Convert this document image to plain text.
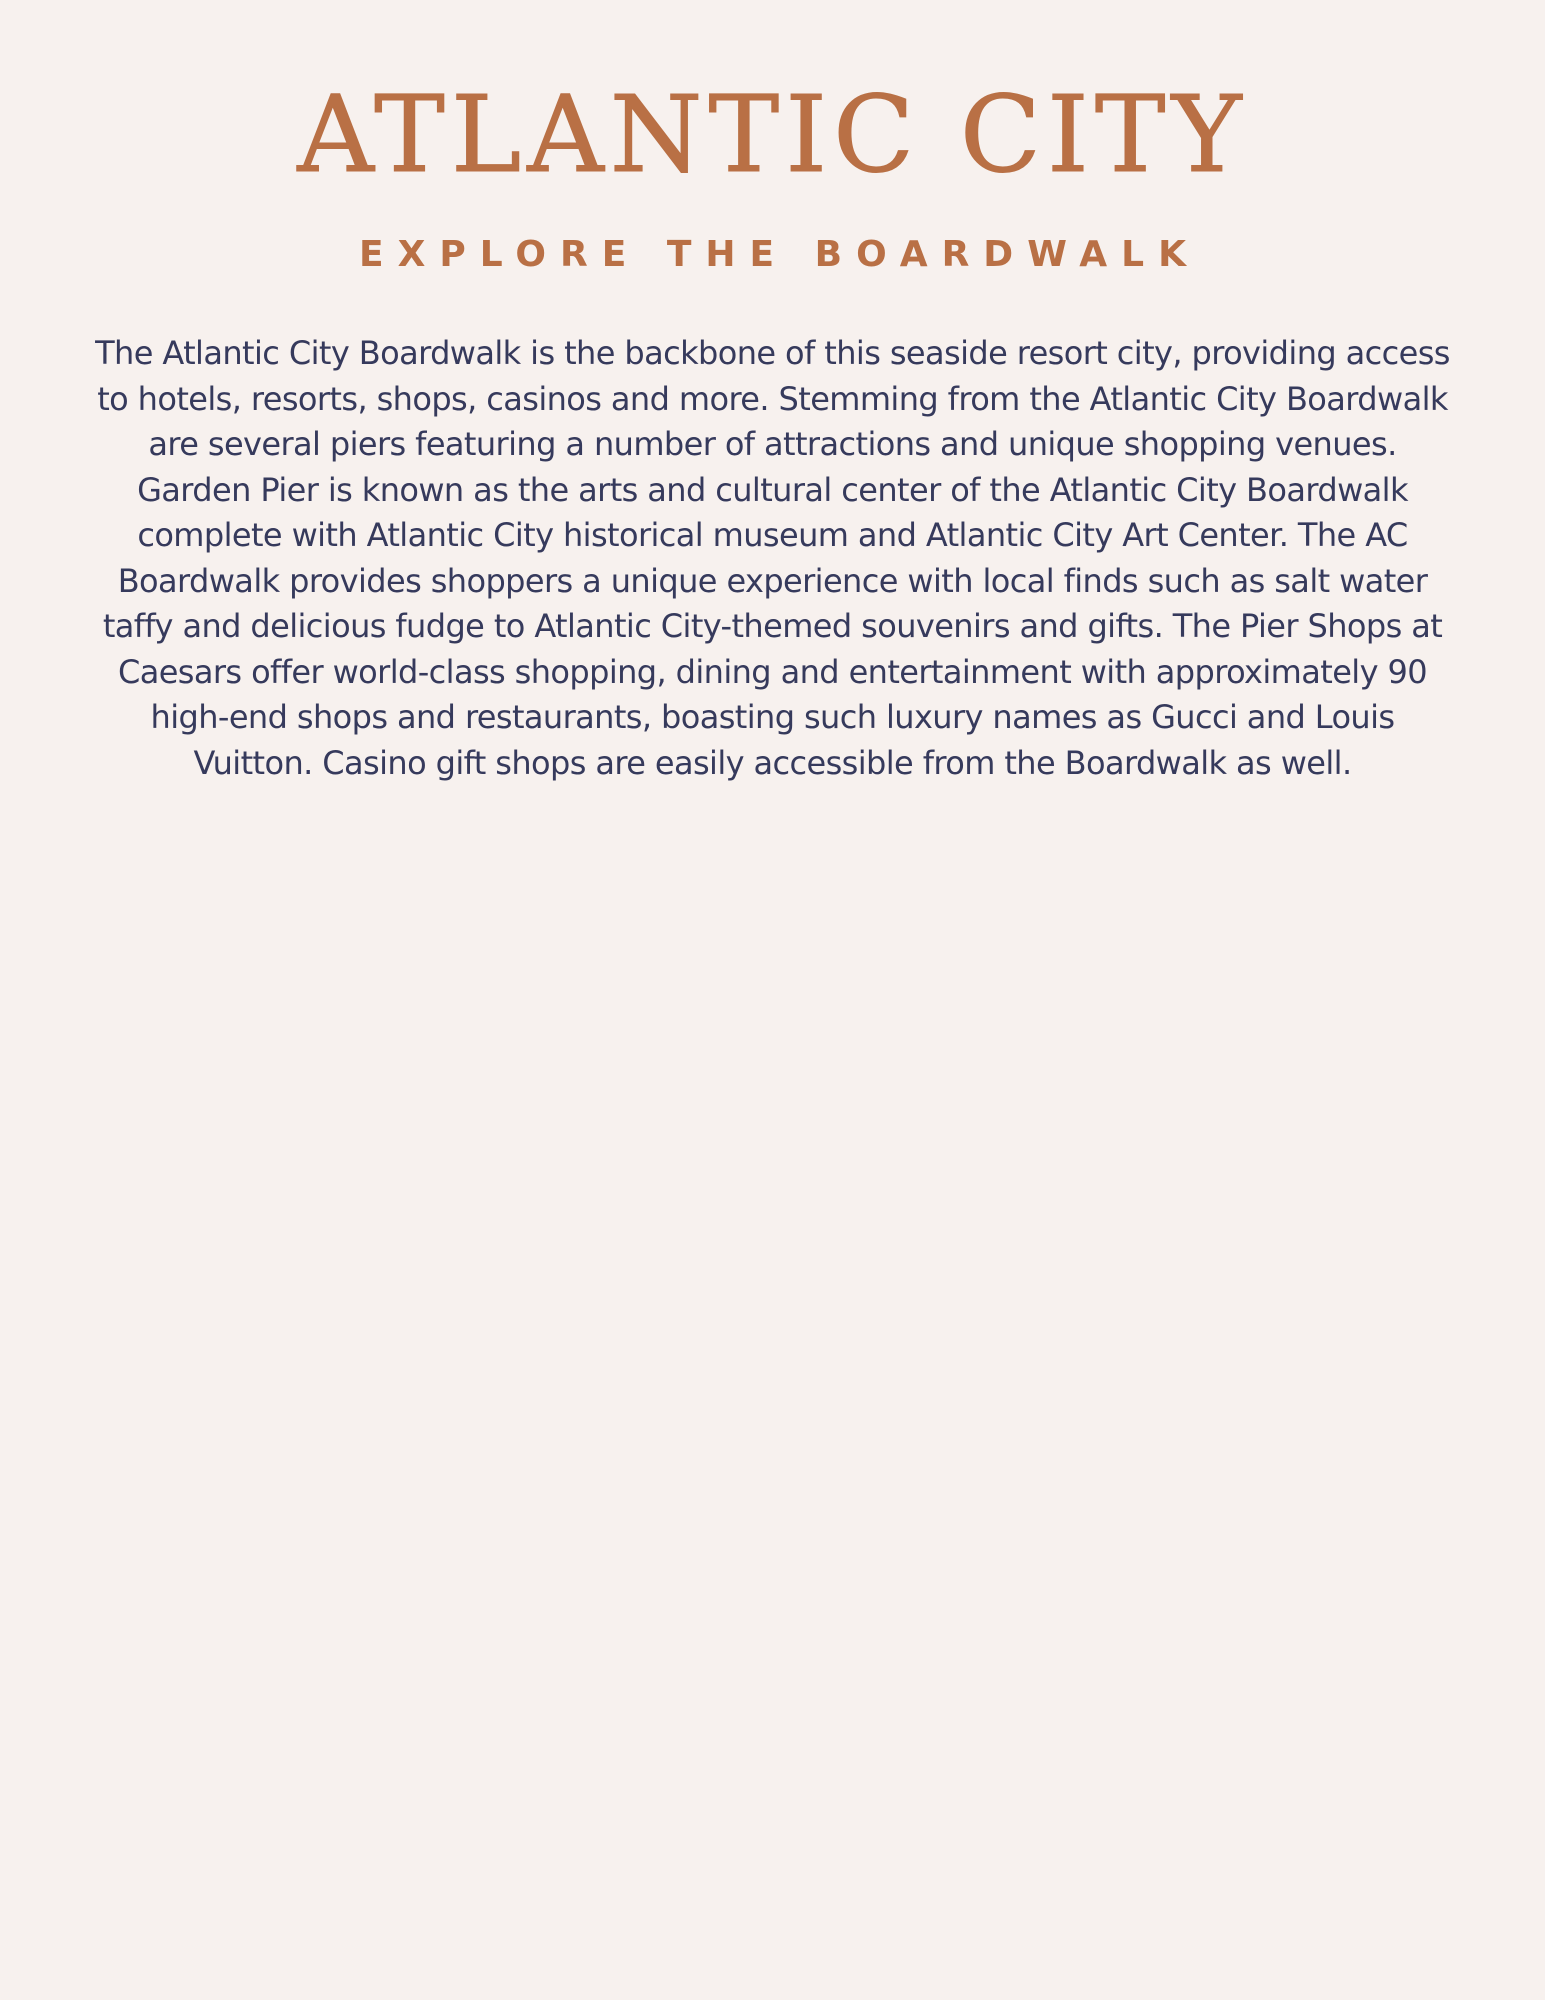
ATLANTIC CITY
EXPLORE THE BOARDWALK

The Atlantic City Boardwalk is the backbone of this seaside resort city, providing access to hotels, resorts, shops, casinos and more. Stemming from the Atlantic City Boardwalk are several piers featuring a number of attractions and unique shopping venues. Garden Pier is known as the arts and cultural center of the Atlantic City Boardwalk complete with Atlantic City historical museum and Atlantic City Art Center. The AC Boardwalk provides shoppers a unique experience with local finds such as salt water taffy and delicious fudge to Atlantic City-themed souvenirs and gifts. The Pier Shops at Caesars offer world-class shopping, dining and entertainment with approximately 90 high-end shops and restaurants, boasting such luxury names as Gucci and Louis Vuitton. Casino gift shops are easily accessible from the Boardwalk as well.
